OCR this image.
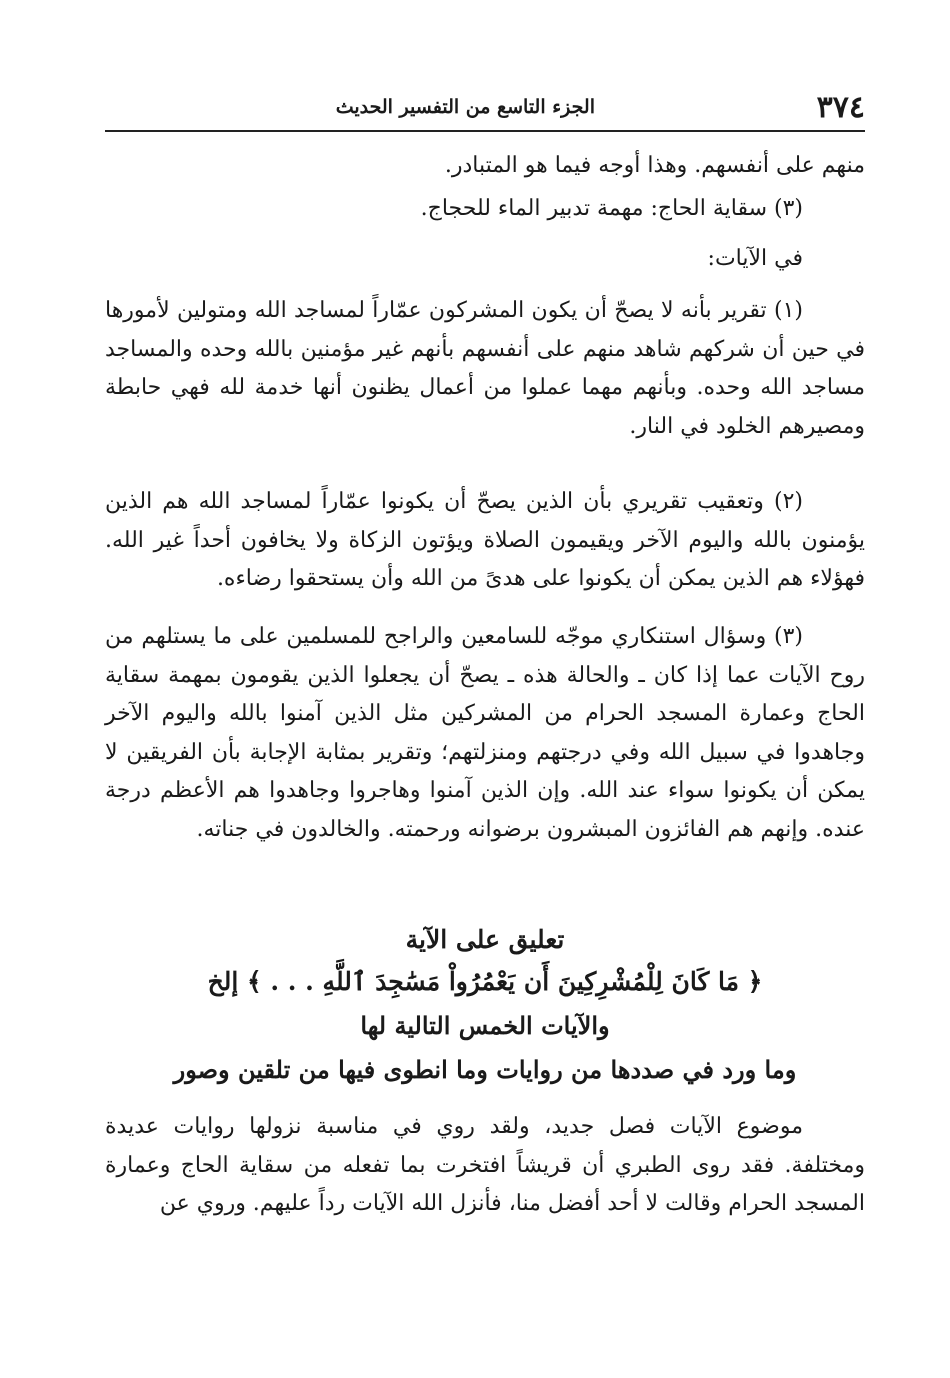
٣٧٤
الجزء التاسع من التفسير الحديث

منهم على أنفسهم. وهذا أوجه فيما هو المتبادر.

(٣) سقاية الحاج: مهمة تدبير الماء للحجاج.

في الآيات:

(١) تقرير بأنه لا يصحّ أن يكون المشركون عمّاراً لمساجد الله ومتولين لأمورها في حين أن شركهم شاهد منهم على أنفسهم بأنهم غير مؤمنين بالله وحده والمساجد مساجد الله وحده. وبأنهم مهما عملوا من أعمال يظنون أنها خدمة لله فهي حابطة ومصيرهم الخلود في النار.

(٢) وتعقيب تقريري بأن الذين يصحّ أن يكونوا عمّاراً لمساجد الله هم الذين يؤمنون بالله واليوم الآخر ويقيمون الصلاة ويؤتون الزكاة ولا يخافون أحداً غير الله. فهؤلاء هم الذين يمكن أن يكونوا على هدىً من الله وأن يستحقوا رضاءه.

(٣) وسؤال استنكاري موجّه للسامعين والراجح للمسلمين على ما يستلهم من روح الآيات عما إذا كان ـ والحالة هذه ـ يصحّ أن يجعلوا الذين يقومون بمهمة سقاية الحاج وعمارة المسجد الحرام من المشركين مثل الذين آمنوا بالله واليوم الآخر وجاهدوا في سبيل الله وفي درجتهم ومنزلتهم؛ وتقرير بمثابة الإجابة بأن الفريقين لا يمكن أن يكونوا سواء عند الله. وإن الذين آمنوا وهاجروا وجاهدوا هم الأعظم درجة عنده. وإنهم هم الفائزون المبشرون برضوانه ورحمته. والخالدون في جناته.

تعليق على الآية

﴿ مَا كَانَ لِلْمُشْرِكِينَ أَن يَعْمُرُواْ مَسَٰجِدَ ٱللَّهِ . . . ﴾ إلخ

والآيات الخمس التالية لها

وما ورد في صددها من روايات وما انطوى فيها من تلقين وصور

موضوع الآيات فصل جديد، ولقد روي في مناسبة نزولها روايات عديدة ومختلفة. فقد روى الطبري أن قريشاً افتخرت بما تفعله من سقاية الحاج وعمارة المسجد الحرام وقالت لا أحد أفضل منا، فأنزل الله الآيات رداً عليهم. وروي عن
